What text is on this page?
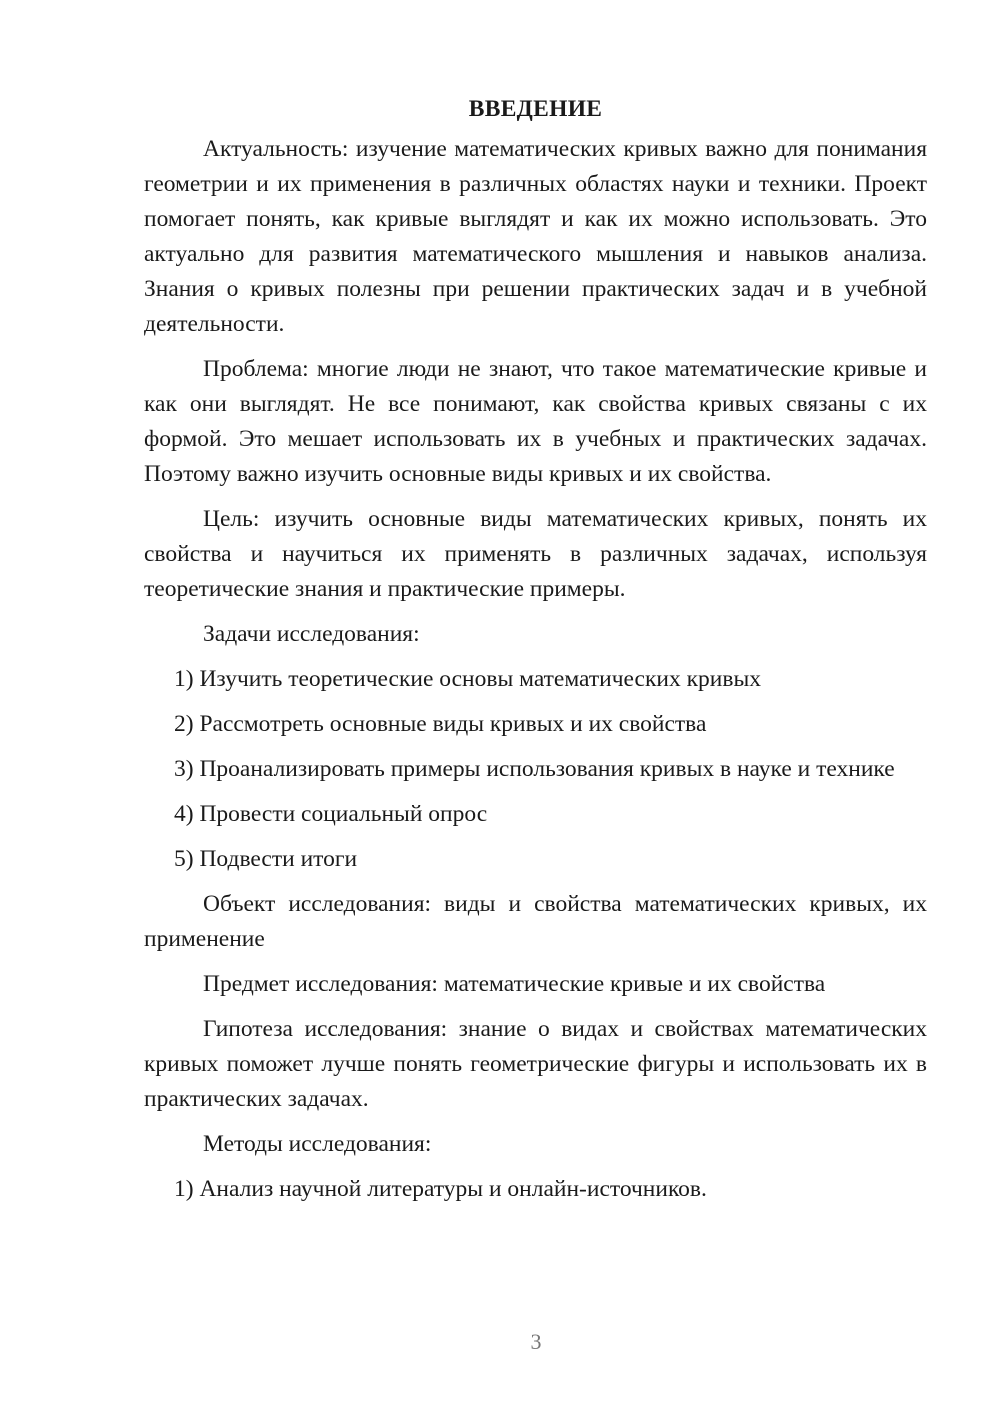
ВВЕДЕНИЕ

Актуальность: изучение математических кривых важно для понимания геометрии и их применения в различных областях науки и техники. Проект помогает понять, как кривые выглядят и как их можно использовать. Это актуально для развития математического мышления и навыков анализа. Знания о кривых полезны при решении практических задач и в учебной деятельности.

Проблема: многие люди не знают, что такое математические кривые и как они выглядят. Не все понимают, как свойства кривых связаны с их формой. Это мешает использовать их в учебных и практических задачах. Поэтому важно изучить основные виды кривых и их свойства.

Цель: изучить основные виды математических кривых, понять их свойства и научиться их применять в различных задачах, используя теоретические знания и практические примеры.

Задачи исследования:

1) Изучить теоретические основы математических кривых

2) Рассмотреть основные виды кривых и их свойства

3) Проанализировать примеры использования кривых в науке и технике

4) Провести социальный опрос

5) Подвести итоги

Объект исследования: виды и свойства математических кривых, их применение

Предмет исследования: математические кривые и их свойства

Гипотеза исследования: знание о видах и свойствах математических кривых поможет лучше понять геометрические фигуры и использовать их в практических задачах.

Методы исследования:

1) Анализ научной литературы и онлайн-источников.

3
